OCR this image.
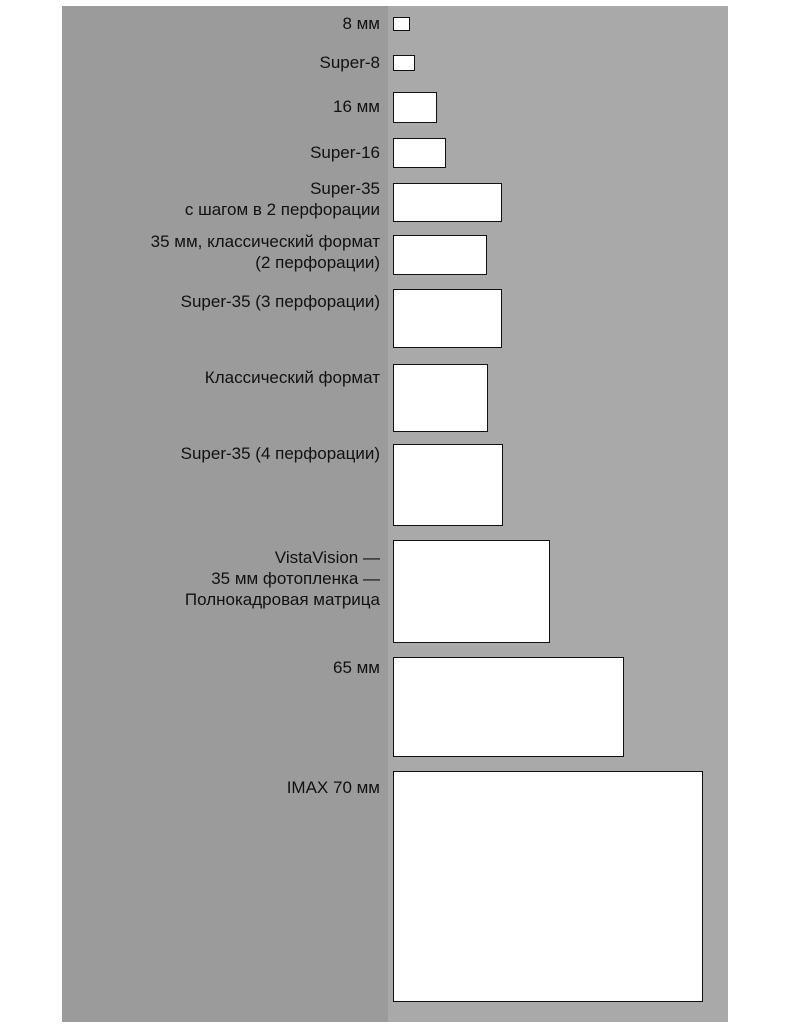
8 мм
Super-8
16 мм
Super-16
Super-35
с шагом в 2 перфорации
35 мм, классический формат
(2 перфорации)
Super-35 (3 перфорации)
Классический формат
Super-35 (4 перфорации)
VistaVision —
35 мм фотопленка —
Полнокадровая матрица
65 мм
IMAX 70 мм
